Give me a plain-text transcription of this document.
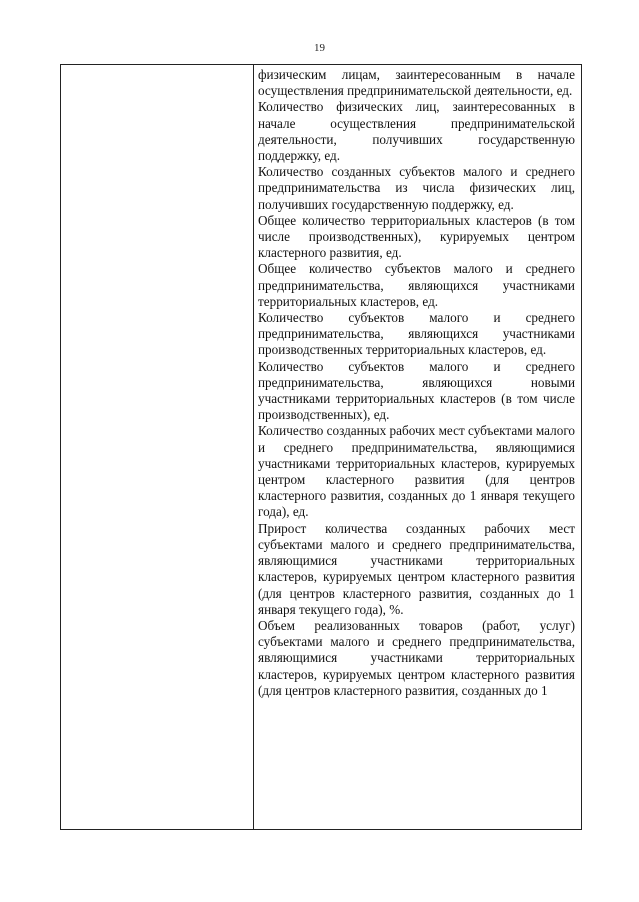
19

физическим лицам, заинтересованным в начале осуществления предпринимательской деятельности, ед.

Количество физических лиц, заинтересованных в начале осуществления предпринимательской деятельности, получивших государственную поддержку, ед.

Количество созданных субъектов малого и среднего предпринимательства из числа физических лиц, получивших государственную поддержку, ед.

Общее количество территориальных кластеров (в том числе производственных), курируемых центром кластерного развития, ед.

Общее количество субъектов малого и среднего предпринимательства, являющихся участниками территориальных кластеров, ед.

Количество субъектов малого и среднего предпринимательства, являющихся участниками производственных территориальных кластеров, ед.

Количество субъектов малого и среднего предпринимательства, являющихся новыми участниками территориальных кластеров (в том числе производственных), ед.

Количество созданных рабочих мест субъектами малого и среднего предпринимательства, являющимися участниками территориальных кластеров, курируемых центром кластерного развития (для центров кластерного развития, созданных до 1 января текущего года), ед.

Прирост количества созданных рабочих мест субъектами малого и среднего предпринимательства, являющимися участниками территориальных кластеров, курируемых центром кластерного развития (для центров кластерного развития, созданных до 1 января текущего года), %.

Объем реализованных товаров (работ, услуг) субъектами малого и среднего предпринимательства, являющимися участниками территориальных кластеров, курируемых центром кластерного развития (для центров кластерного развития, созданных до 1
